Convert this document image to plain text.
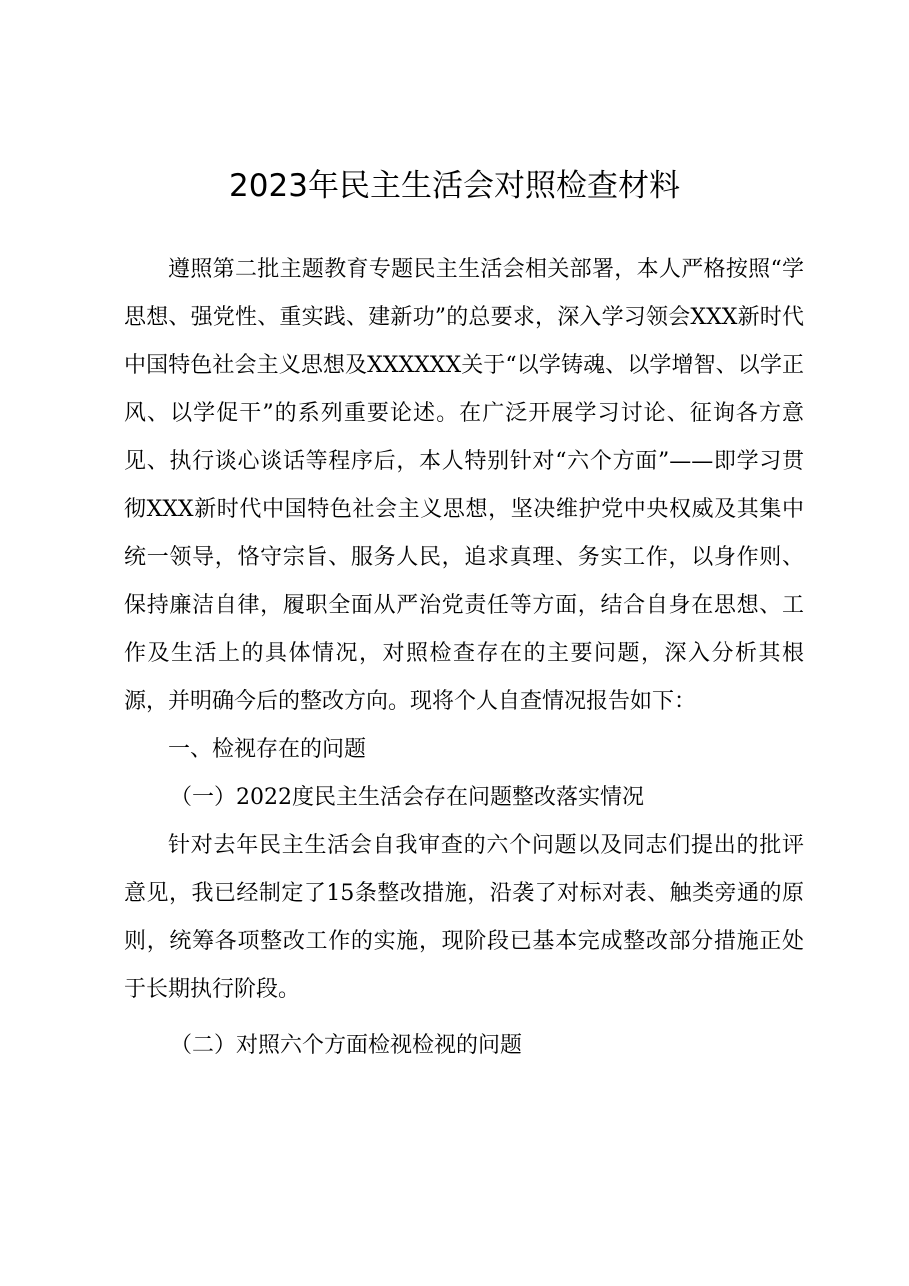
2023年民主生活会对照检查材料

遵照第二批主题教育专题民主生活会相关部署，本人严格按照“学思想、强党性、重实践、建新功”的总要求，深入学习领会XXX新时代中国特色社会主义思想及XXXXXX关于“以学铸魂、以学增智、以学正风、以学促干”的系列重要论述。在广泛开展学习讨论、征询各方意见、执行谈心谈话等程序后，本人特别针对“六个方面”——即学习贯彻XXX新时代中国特色社会主义思想，坚决维护党中央权威及其集中统一领导，恪守宗旨、服务人民，追求真理、务实工作，以身作则、保持廉洁自律，履职全面从严治党责任等方面，结合自身在思想、工作及生活上的具体情况，对照检查存在的主要问题，深入分析其根源，并明确今后的整改方向。现将个人自查情况报告如下：

一、检视存在的问题
（一）2022度民主生活会存在问题整改落实情况

针对去年民主生活会自我审查的六个问题以及同志们提出的批评意见，我已经制定了15条整改措施，沿袭了对标对表、触类旁通的原则，统筹各项整改工作的实施，现阶段已基本完成整改部分措施正处于长期执行阶段。

（二）对照六个方面检视检视的问题
